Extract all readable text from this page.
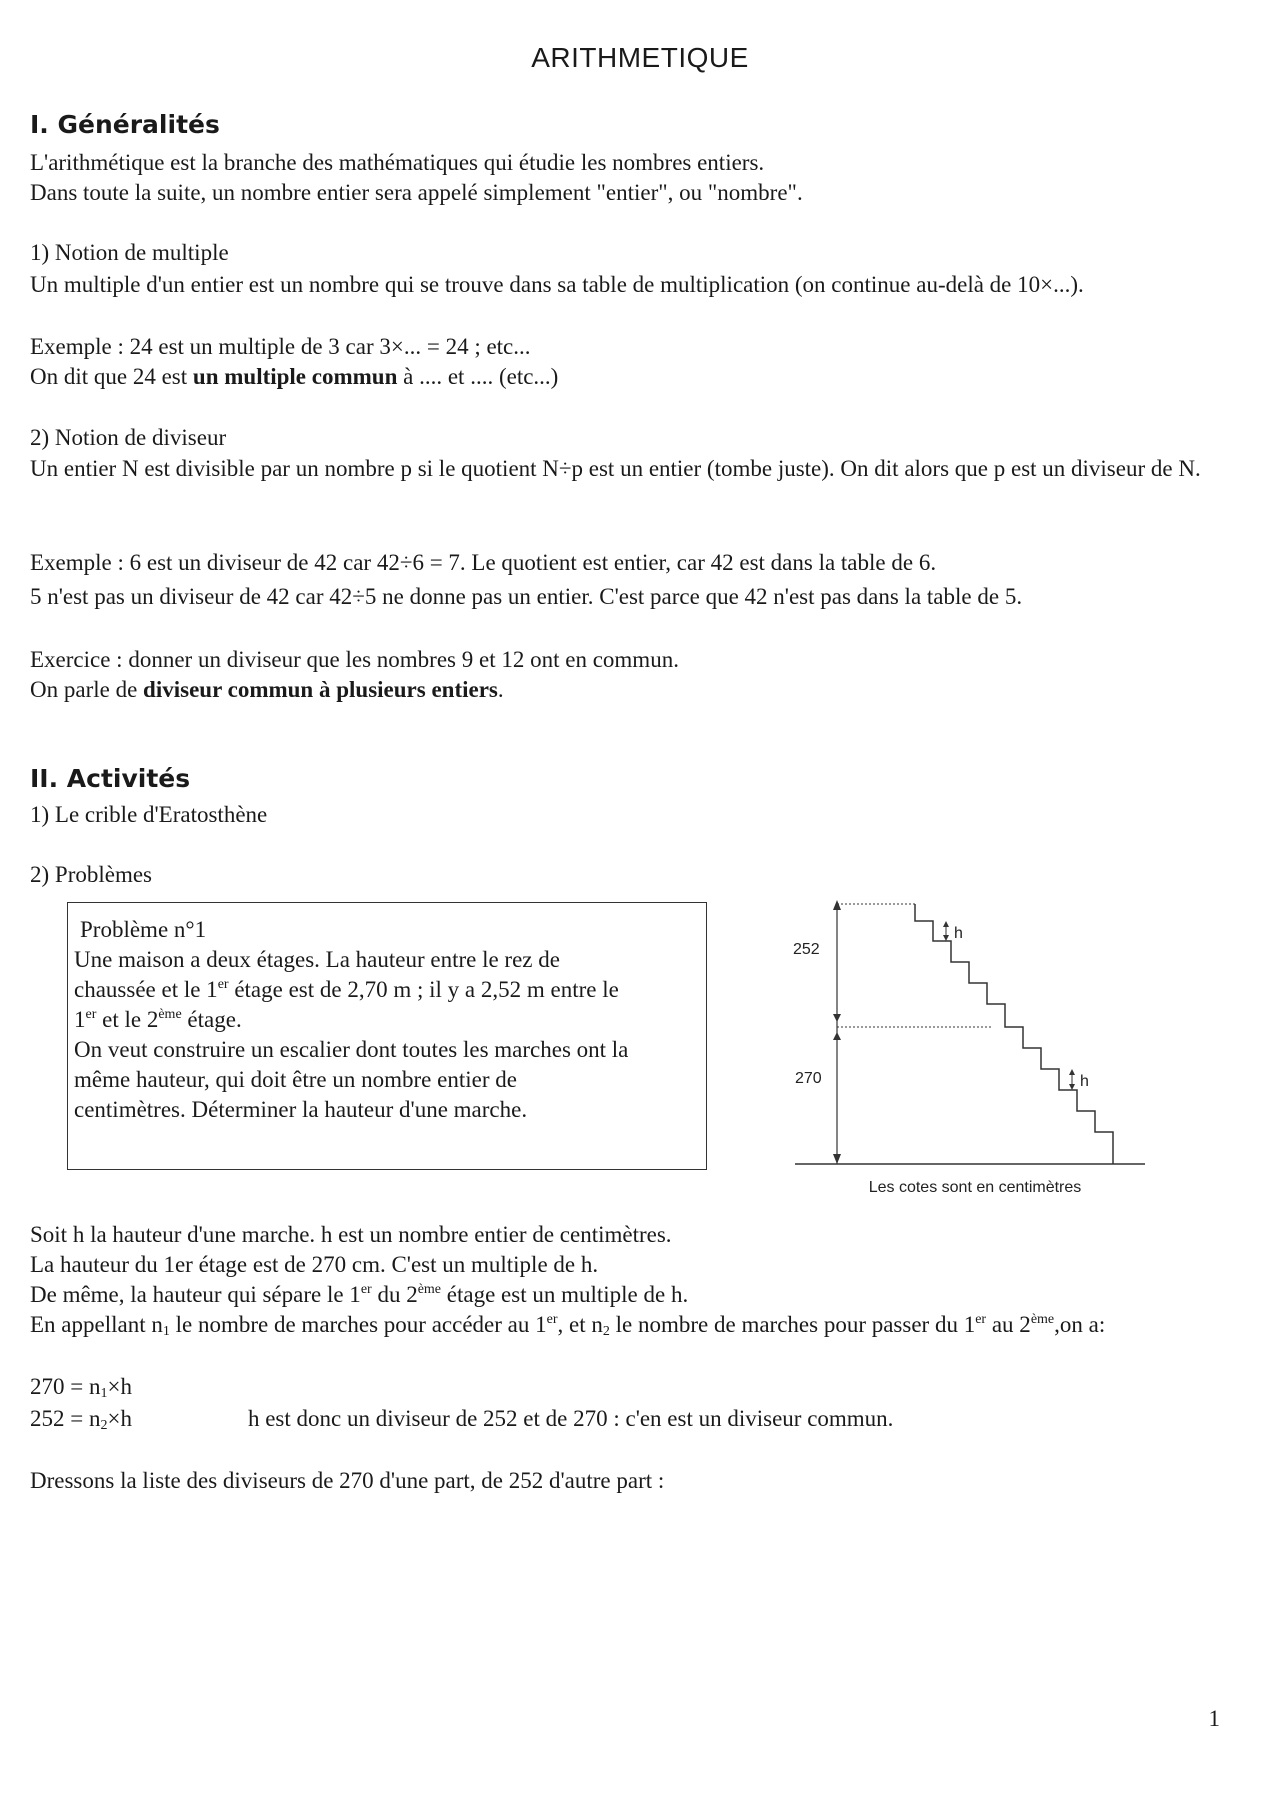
ARITHMETIQUE
I. Généralités
L'arithmétique est la branche des mathématiques qui étudie les nombres entiers.
Dans toute la suite, un nombre entier sera appelé simplement "entier", ou "nombre".
1) Notion de multiple
Un multiple d'un entier est un nombre qui se trouve dans sa table de multiplication (on continue au-delà de 10×...).
Exemple : 24 est un multiple de 3 car 3×... = 24 ; etc...
On dit que 24 est un multiple commun à .... et .... (etc...)
2) Notion de diviseur
Un entier N est divisible par un nombre p si le quotient N÷p est un entier (tombe juste). On dit alors que p est un diviseur de N.
Exemple : 6 est un diviseur de 42 car 42÷6 = 7. Le quotient est entier, car 42 est dans la table de 6.
5 n'est pas un diviseur de 42 car 42÷5 ne donne pas un entier. C'est parce que 42 n'est pas dans la table de 5.
Exercice : donner un diviseur que les nombres 9 et 12 ont en commun.
On parle de diviseur commun à plusieurs entiers.
II. Activités
1) Le crible d'Eratosthène
2) Problèmes

Problème n°1

Une maison a deux étages. La hauteur entre le rez de

chaussée et le 1er étage est de 2,70 m ; il y a 2,52 m entre le

1er et le 2ème étage.

On veut construire un escalier dont toutes les marches ont la

même hauteur, qui doit être un nombre entier de

centimètres. Déterminer la hauteur d'une marche.

252
270
h
h
Les cotes sont en centimètres
Soit h la hauteur d'une marche. h est un nombre entier de centimètres.
La hauteur du 1er étage est de 270 cm. C'est un multiple de h.
De même, la hauteur qui sépare le 1er du 2ème étage est un multiple de h.
En appellant $n_1$ le nombre de marches pour accéder au 1er, et $n_2$ le nombre de marches pour passer du 1er au 2ème,on a:
$270 = n_1\times h$
$252 = n_2\times h$	h est donc un diviseur de 252 et de 270 : c'en est un diviseur commun.
Dressons la liste des diviseurs de 270 d'une part, de 252 d'autre part :
1
